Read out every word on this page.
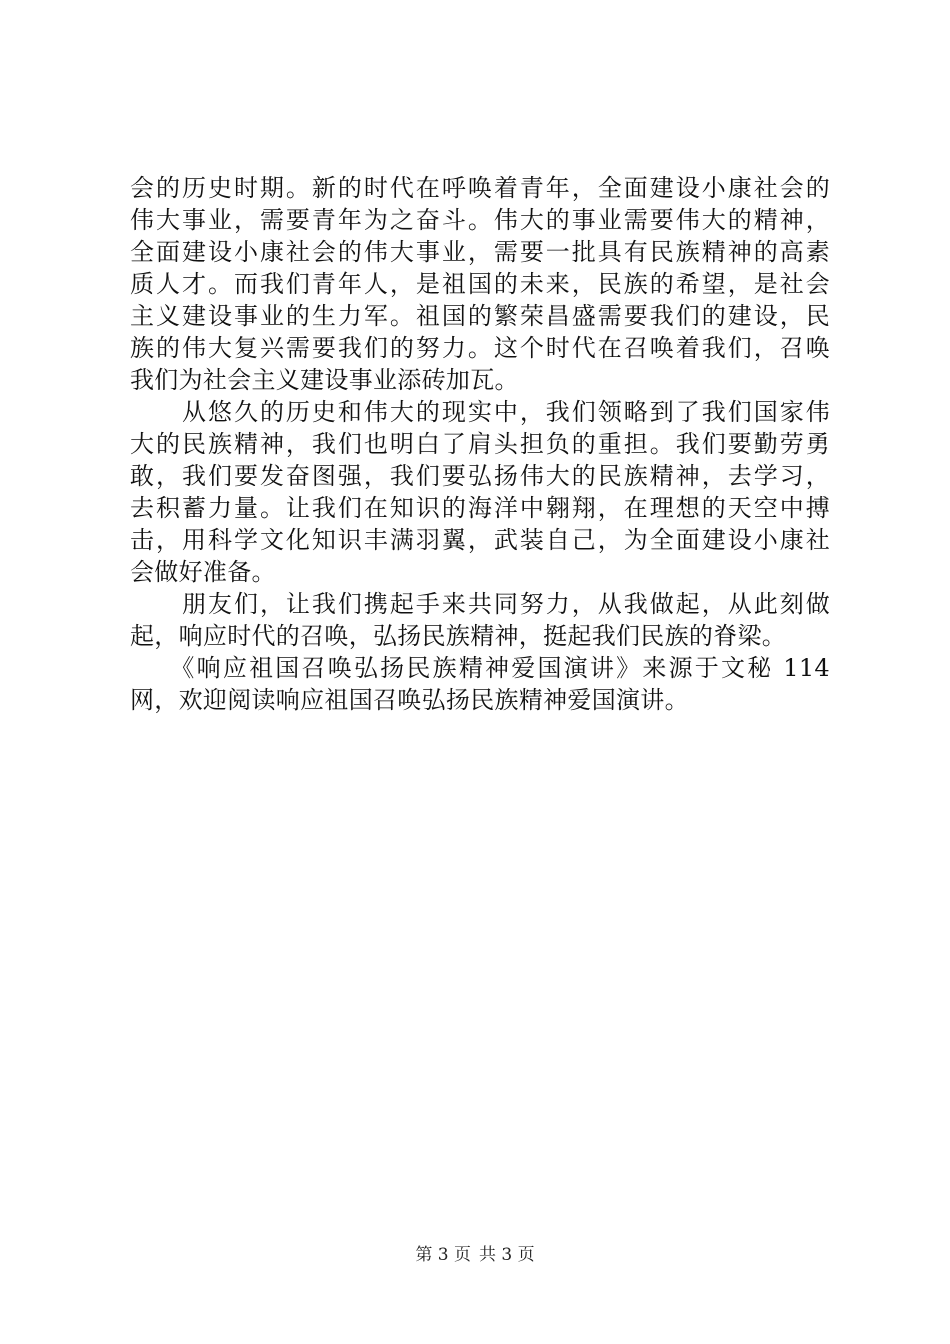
会的历史时期。新的时代在呼唤着青年，全面建设小康社会的
伟大事业，需要青年为之奋斗。伟大的事业需要伟大的精神，
全面建设小康社会的伟大事业，需要一批具有民族精神的高素
质人才。而我们青年人，是祖国的未来，民族的希望，是社会
主义建设事业的生力军。祖国的繁荣昌盛需要我们的建设，民
族的伟大复兴需要我们的努力。这个时代在召唤着我们，召唤
我们为社会主义建设事业添砖加瓦。
　　从悠久的历史和伟大的现实中，我们领略到了我们国家伟
大的民族精神，我们也明白了肩头担负的重担。我们要勤劳勇
敢，我们要发奋图强，我们要弘扬伟大的民族精神，去学习，
去积蓄力量。让我们在知识的海洋中翱翔，在理想的天空中搏
击，用科学文化知识丰满羽翼，武装自己，为全面建设小康社
会做好准备。
　　朋友们，让我们携起手来共同努力，从我做起，从此刻做
起，响应时代的召唤，弘扬民族精神，挺起我们民族的脊梁。
　　《响应祖国召唤弘扬民族精神爱国演讲》来源于文秘 114
网，欢迎阅读响应祖国召唤弘扬民族精神爱国演讲。
第 3 页 共 3 页
